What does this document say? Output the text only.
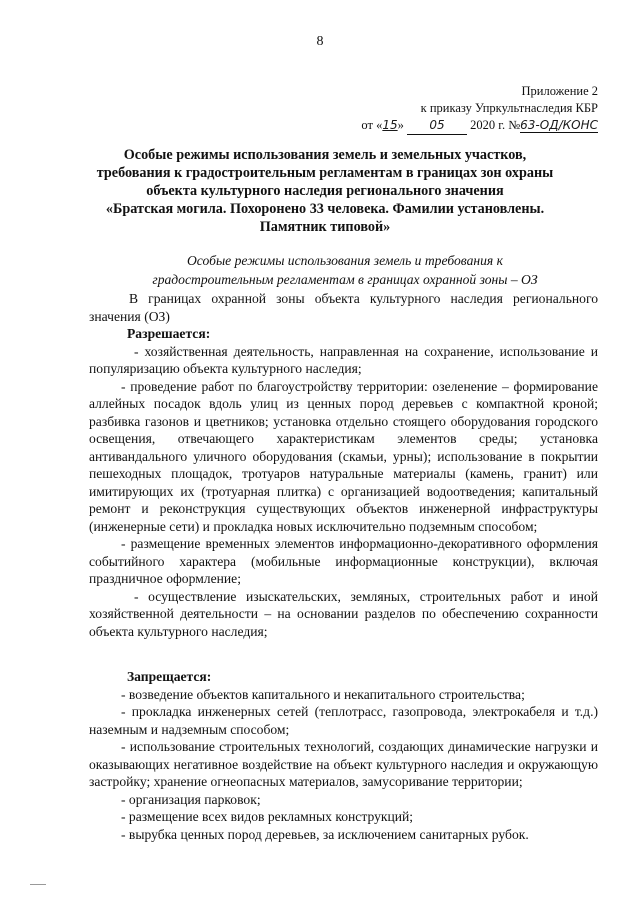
8
Приложение 2
к приказу Упркультнаследия КБР
от «15» 05 2020 г. №63-ОД/КОНС
Особые режимы использования земель и земельных участков,
требования к градостроительным регламентам в границах зон охраны
объекта культурного наследия регионального значения
«Братская могила. Похоронено 33 человека. Фамилии установлены.
Памятник типовой»
Особые режимы использования земель и требования к
градостроительным регламентам в границах охранной зоны – ОЗ

В границах охранной зоны объекта культурного наследия регионального значения (ОЗ)

Разрешается:

- хозяйственная деятельность, направленная на сохранение, использование и популяризацию объекта культурного наследия;

- проведение работ по благоустройству территории: озеленение – формирование аллейных посадок вдоль улиц из ценных пород деревьев с компактной кроной; разбивка газонов и цветников; установка отдельно стоящего оборудования городского освещения, отвечающего характеристикам элементов среды; установка антивандального уличного оборудования (скамьи, урны); использование в покрытии пешеходных площадок, тротуаров натуральные материалы (камень, гранит) или имитирующих их (тротуарная плитка) с организацией водоотведения; капитальный ремонт и реконструкция существующих объектов инженерной инфраструктуры (инженерные сети) и прокладка новых исключительно подземным способом;

- размещение временных элементов информационно-декоративного оформления событийного характера (мобильные информационные конструкции), включая праздничное оформление;

- осуществление изыскательских, земляных, строительных работ и иной хозяйственной деятельности – на основании разделов по обеспечению сохранности объекта культурного наследия;

Запрещается:

- возведение объектов капитального и некапитального строительства;

- прокладка инженерных сетей (теплотрасс, газопровода, электрокабеля и т.д.) наземным и надземным способом;

- использование строительных технологий, создающих динамические нагрузки и оказывающих негативное воздействие на объект культурного наследия и окружающую застройку; хранение огнеопасных материалов, замусоривание территории;

- организация парковок;

- размещение всех видов рекламных конструкций;

- вырубка ценных пород деревьев, за исключением санитарных рубок.
